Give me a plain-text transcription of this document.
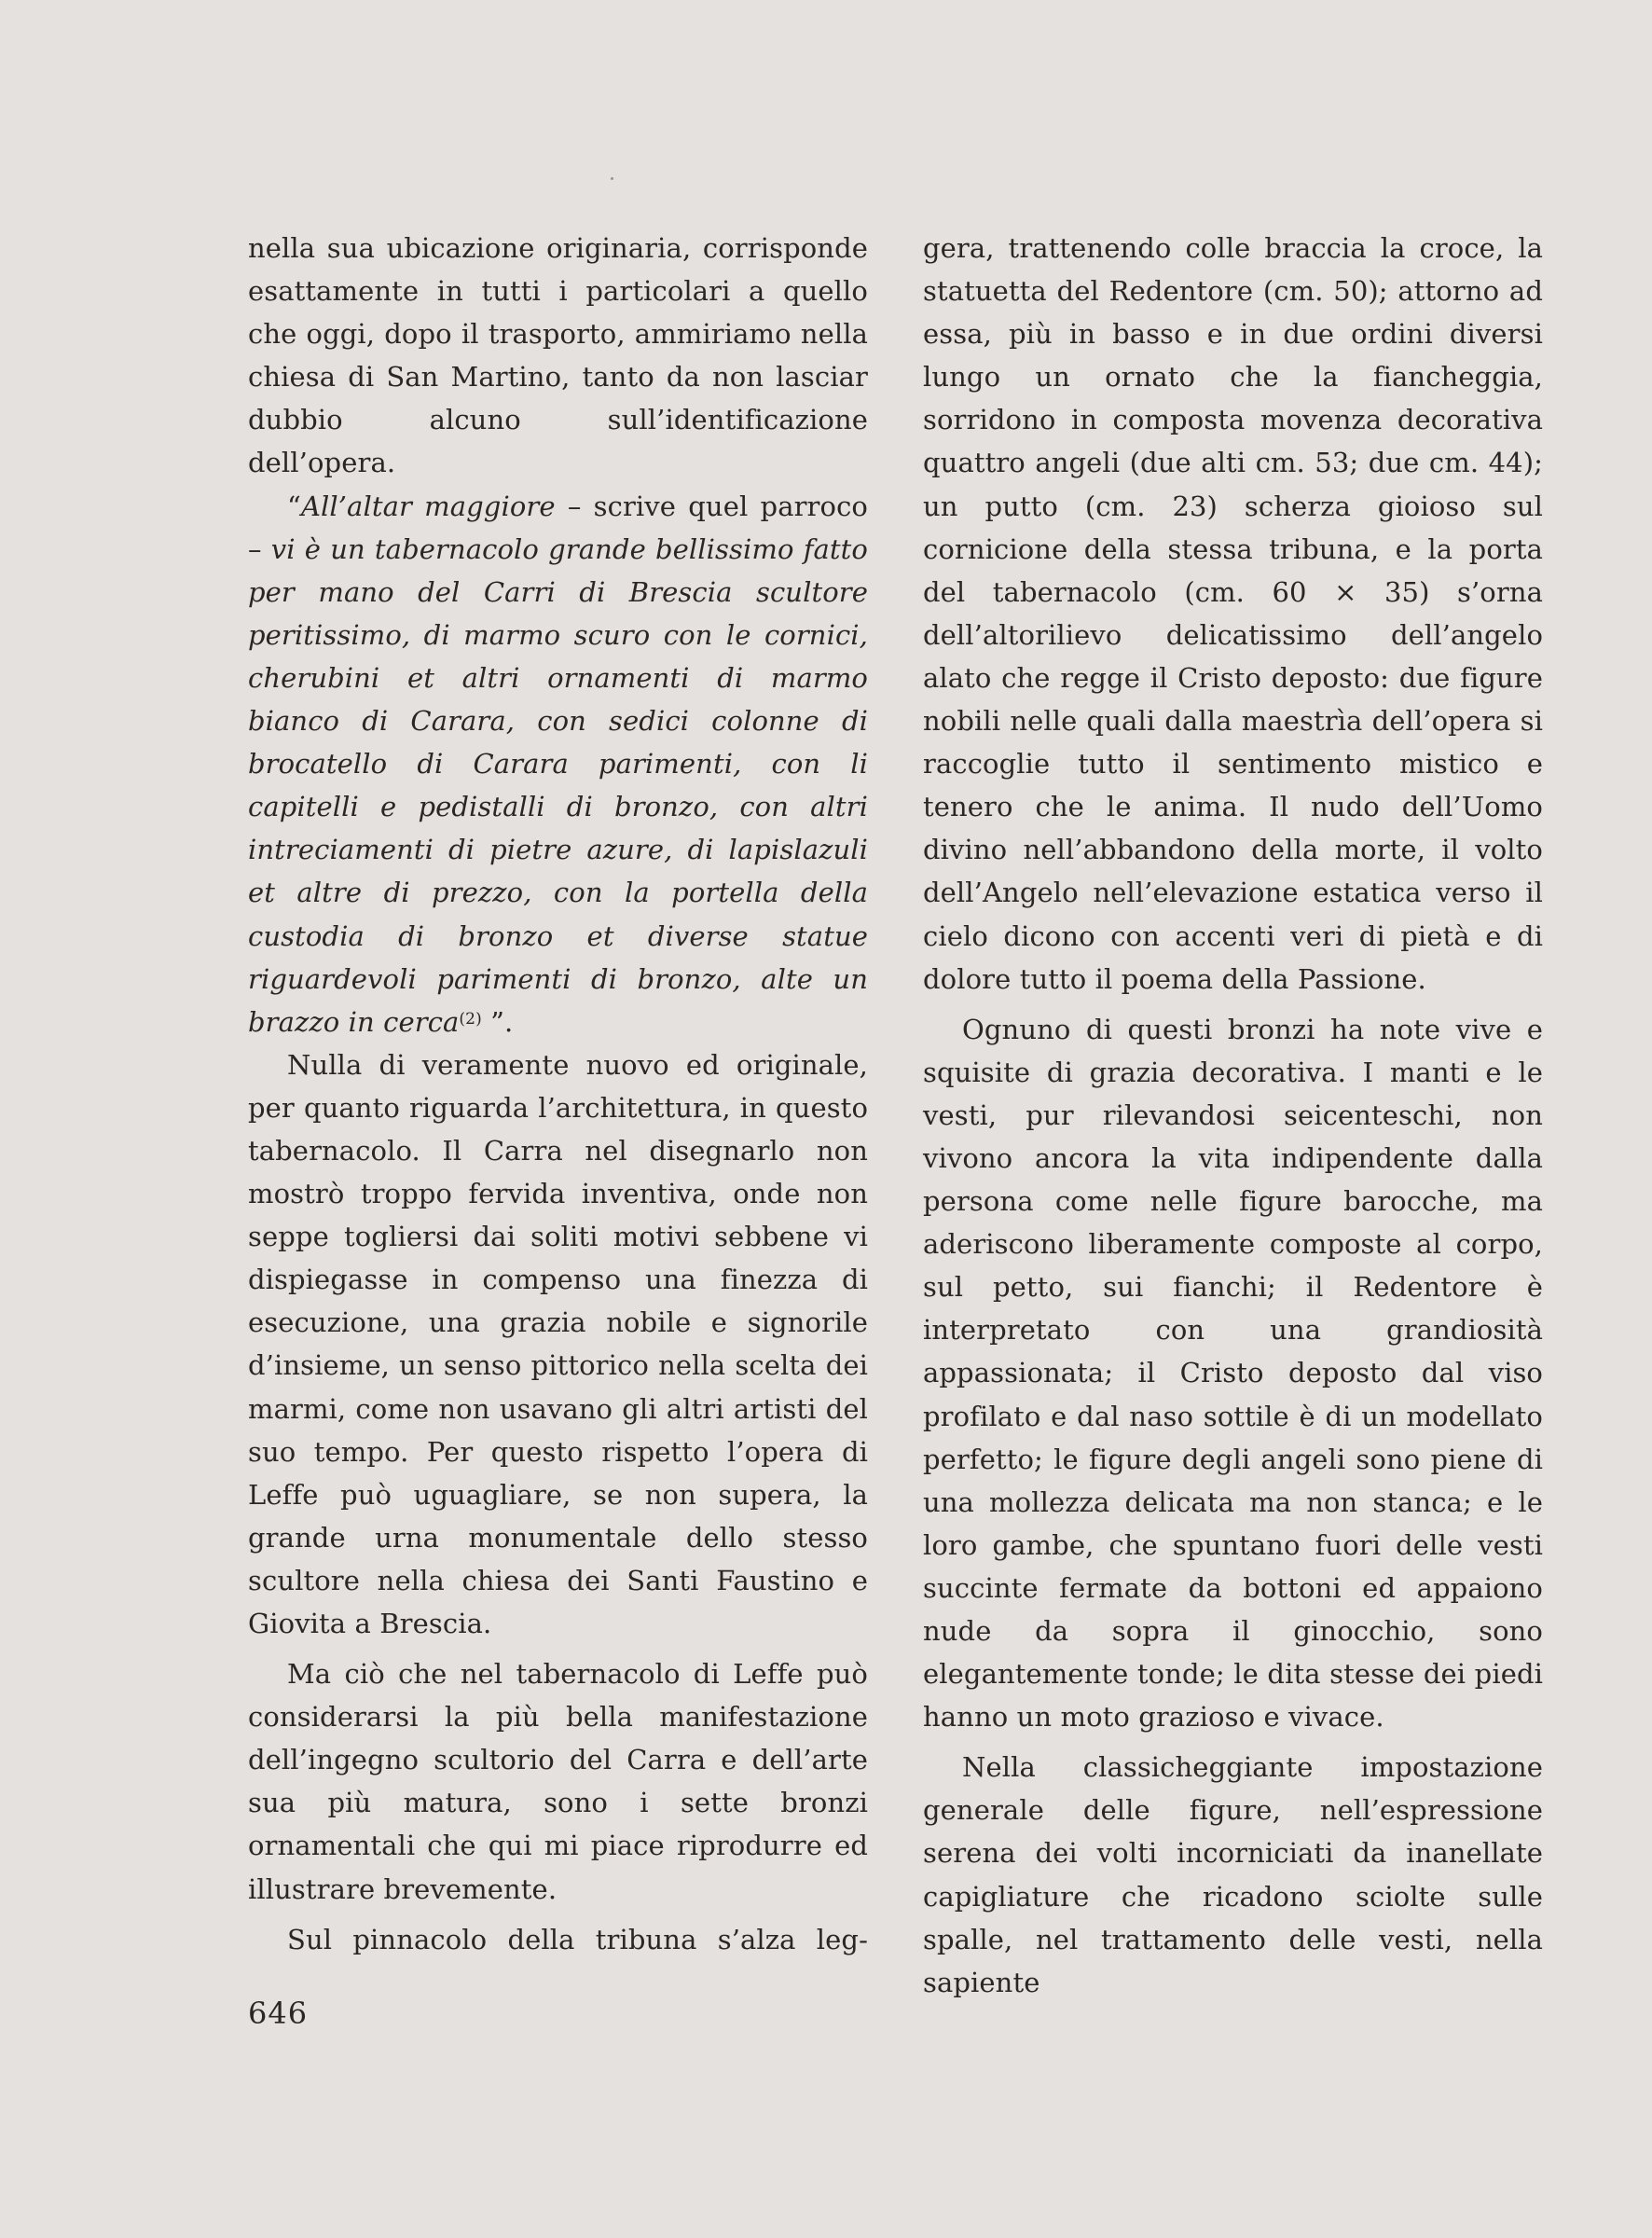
nella sua ubicazione originaria, corrisponde esattamente in tutti i particolari a quello che oggi, dopo il trasporto, ammiriamo nella chiesa di San Martino, tanto da non lasciar dubbio alcuno sull’identificazione dell’opera.

“All’altar maggiore – scrive quel parroco – vi è un tabernacolo grande bellissimo fatto per mano del Carri di Brescia scultore peritissimo, di marmo scuro con le cornici, cherubini et altri ornamenti di marmo bianco di Carara, con sedici colonne di brocatello di Carara parimenti, con li capitelli e pedistalli di bronzo, con altri intreciamenti di pietre azure, di lapislazuli et altre di prezzo, con la portella della custodia di bronzo et diverse statue riguardevoli parimenti di bronzo, alte un brazzo in cerca$^{(2)}$ ”.

Nulla di veramente nuovo ed originale, per quanto riguarda l’architettura, in questo tabernacolo. Il Carra nel disegnarlo non mostrò troppo fervida inventiva, onde non seppe togliersi dai soliti motivi sebbene vi dispiegasse in compenso una finezza di esecuzione, una grazia nobile e signorile d’insieme, un senso pittorico nella scelta dei marmi, come non usavano gli altri artisti del suo tempo. Per questo rispetto l’opera di Leffe può uguagliare, se non supera, la grande urna monumentale dello stesso scultore nella chiesa dei Santi Faustino e Giovita a Brescia.

Ma ciò che nel tabernacolo di Leffe può considerarsi la più bella manifestazione dell’ingegno scultorio del Carra e dell’arte sua più matura, sono i sette bronzi ornamentali che qui mi piace riprodurre ed illustrare brevemente.

Sul pinnacolo della tribuna s’alza leg-

gera, trattenendo colle braccia la croce, la statuetta del Redentore (cm. 50); attorno ad essa, più in basso e in due ordini diversi lungo un ornato che la fiancheggia, sorridono in composta movenza decorativa quattro angeli (due alti cm. 53; due cm. 44); un putto (cm. 23) scherza gioioso sul cornicione della stessa tribuna, e la porta del tabernacolo (cm. 60 × 35) s’orna dell’altorilievo delicatissimo dell’angelo alato che regge il Cristo deposto: due figure nobili nelle quali dalla maestrìa dell’opera si raccoglie tutto il sentimento mistico e tenero che le anima. Il nudo dell’Uomo divino nell’abbandono della morte, il volto dell’Angelo nell’elevazione estatica verso il cielo dicono con accenti veri di pietà e di dolore tutto il poema della Passione.

Ognuno di questi bronzi ha note vive e squisite di grazia decorativa. I manti e le vesti, pur rilevandosi seicenteschi, non vivono ancora la vita indipendente dalla persona come nelle figure barocche, ma aderiscono liberamente composte al corpo, sul petto, sui fianchi; il Redentore è interpretato con una grandiosità appassionata; il Cristo deposto dal viso profilato e dal naso sottile è di un modellato perfetto; le figure degli angeli sono piene di una mollezza delicata ma non stanca; e le loro gambe, che spuntano fuori delle vesti succinte fermate da bottoni ed appaiono nude da sopra il ginocchio, sono elegantemente tonde; le dita stesse dei piedi hanno un moto grazioso e vivace.

Nella classicheggiante impostazione generale delle figure, nell’espressione serena dei volti incorniciati da inanellate capigliature che ricadono sciolte sulle spalle, nel trattamento delle vesti, nella sapiente

646
